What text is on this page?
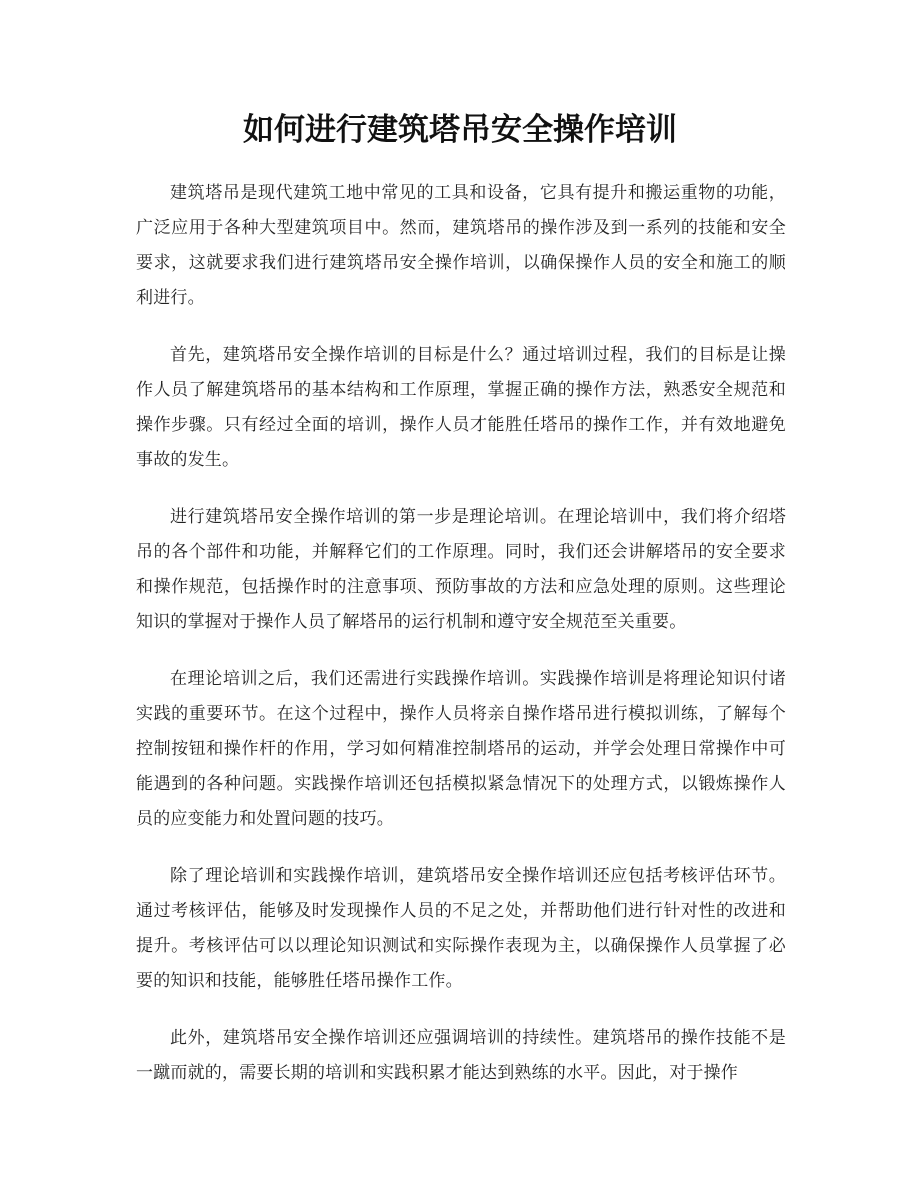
如何进行建筑塔吊安全操作培训

建筑塔吊是现代建筑工地中常见的工具和设备，它具有提升和搬运重物的功能，广泛应用于各种大型建筑项目中。然而，建筑塔吊的操作涉及到一系列的技能和安全要求，这就要求我们进行建筑塔吊安全操作培训，以确保操作人员的安全和施工的顺利进行。

首先，建筑塔吊安全操作培训的目标是什么？通过培训过程，我们的目标是让操作人员了解建筑塔吊的基本结构和工作原理，掌握正确的操作方法，熟悉安全规范和操作步骤。只有经过全面的培训，操作人员才能胜任塔吊的操作工作，并有效地避免事故的发生。

进行建筑塔吊安全操作培训的第一步是理论培训。在理论培训中，我们将介绍塔吊的各个部件和功能，并解释它们的工作原理。同时，我们还会讲解塔吊的安全要求和操作规范，包括操作时的注意事项、预防事故的方法和应急处理的原则。这些理论知识的掌握对于操作人员了解塔吊的运行机制和遵守安全规范至关重要。

在理论培训之后，我们还需进行实践操作培训。实践操作培训是将理论知识付诸实践的重要环节。在这个过程中，操作人员将亲自操作塔吊进行模拟训练，了解每个控制按钮和操作杆的作用，学习如何精准控制塔吊的运动，并学会处理日常操作中可能遇到的各种问题。实践操作培训还包括模拟紧急情况下的处理方式，以锻炼操作人员的应变能力和处置问题的技巧。

除了理论培训和实践操作培训，建筑塔吊安全操作培训还应包括考核评估环节。通过考核评估，能够及时发现操作人员的不足之处，并帮助他们进行针对性的改进和提升。考核评估可以以理论知识测试和实际操作表现为主，以确保操作人员掌握了必要的知识和技能，能够胜任塔吊操作工作。

此外，建筑塔吊安全操作培训还应强调培训的持续性。建筑塔吊的操作技能不是一蹴而就的，需要长期的培训和实践积累才能达到熟练的水平。因此，对于操作
